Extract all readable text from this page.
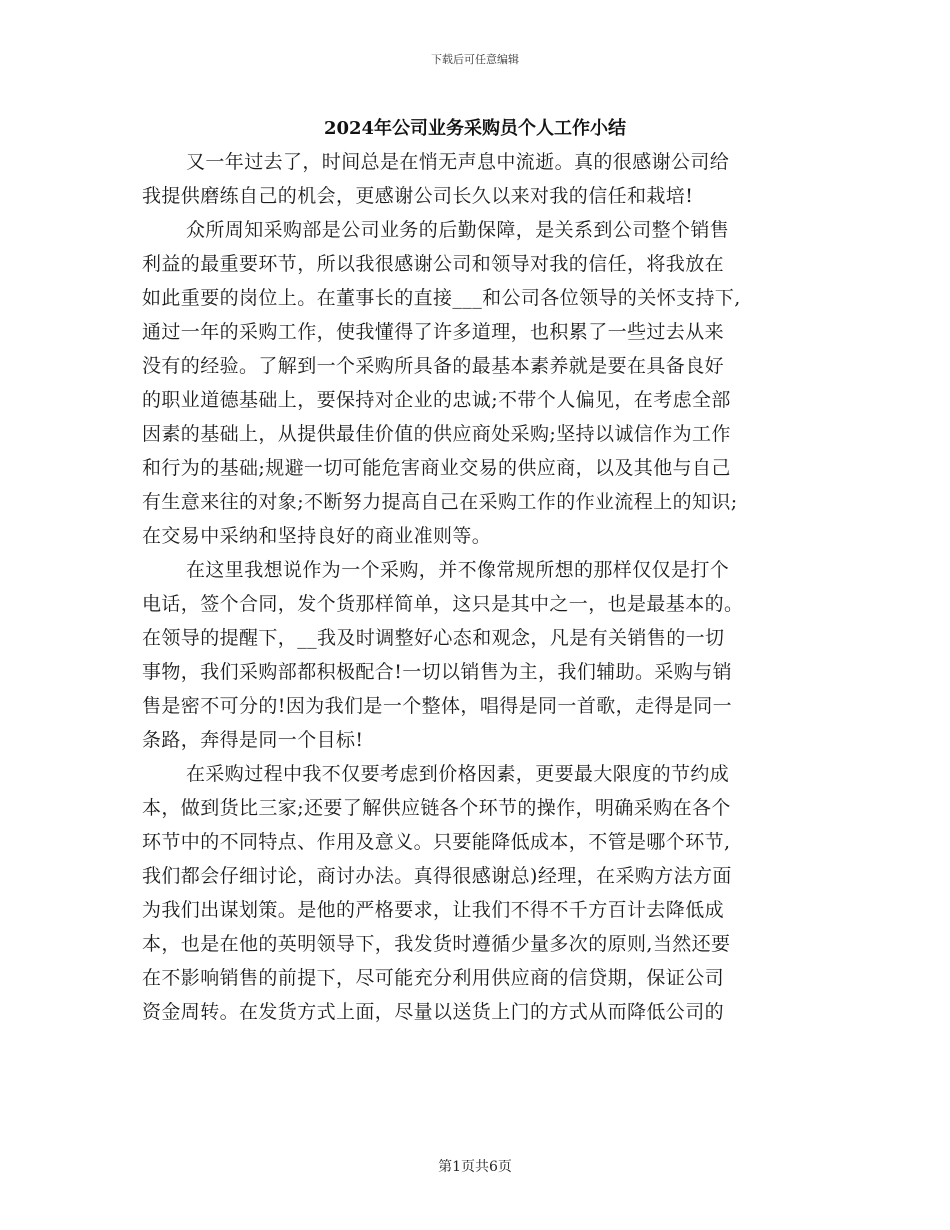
下载后可任意编辑
2024年公司业务采购员个人工作小结
又一年过去了，时间总是在悄无声息中流逝。真的很感谢公司给
我提供磨练自己的机会，更感谢公司长久以来对我的信任和栽培!
众所周知采购部是公司业务的后勤保障，是关系到公司整个销售
利益的最重要环节，所以我很感谢公司和领导对我的信任，将我放在
如此重要的岗位上。在董事长的直接___和公司各位领导的关怀支持下,
通过一年的采购工作，使我懂得了许多道理，也积累了一些过去从来
没有的经验。了解到一个采购所具备的最基本素养就是要在具备良好
的职业道德基础上，要保持对企业的忠诚;不带个人偏见，在考虑全部
因素的基础上，从提供最佳价值的供应商处采购;坚持以诚信作为工作
和行为的基础;规避一切可能危害商业交易的供应商，以及其他与自己
有生意来往的对象;不断努力提高自己在采购工作的作业流程上的知识;
在交易中采纳和坚持良好的商业准则等。
在这里我想说作为一个采购，并不像常规所想的那样仅仅是打个
电话，签个合同，发个货那样简单，这只是其中之一，也是最基本的。
在领导的提醒下，__我及时调整好心态和观念，凡是有关销售的一切
事物，我们采购部都积极配合!一切以销售为主，我们辅助。采购与销
售是密不可分的!因为我们是一个整体，唱得是同一首歌，走得是同一
条路，奔得是同一个目标!
在采购过程中我不仅要考虑到价格因素，更要最大限度的节约成
本，做到货比三家;还要了解供应链各个环节的操作，明确采购在各个
环节中的不同特点、作用及意义。只要能降低成本，不管是哪个环节,
我们都会仔细讨论，商讨办法。真得很感谢总)经理，在采购方法方面
为我们出谋划策。是他的严格要求，让我们不得不千方百计去降低成
本，也是在他的英明领导下，我发货时遵循少量多次的原则,当然还要
在不影响销售的前提下，尽可能充分利用供应商的信贷期，保证公司
资金周转。在发货方式上面，尽量以送货上门的方式从而降低公司的
第1页共6页
